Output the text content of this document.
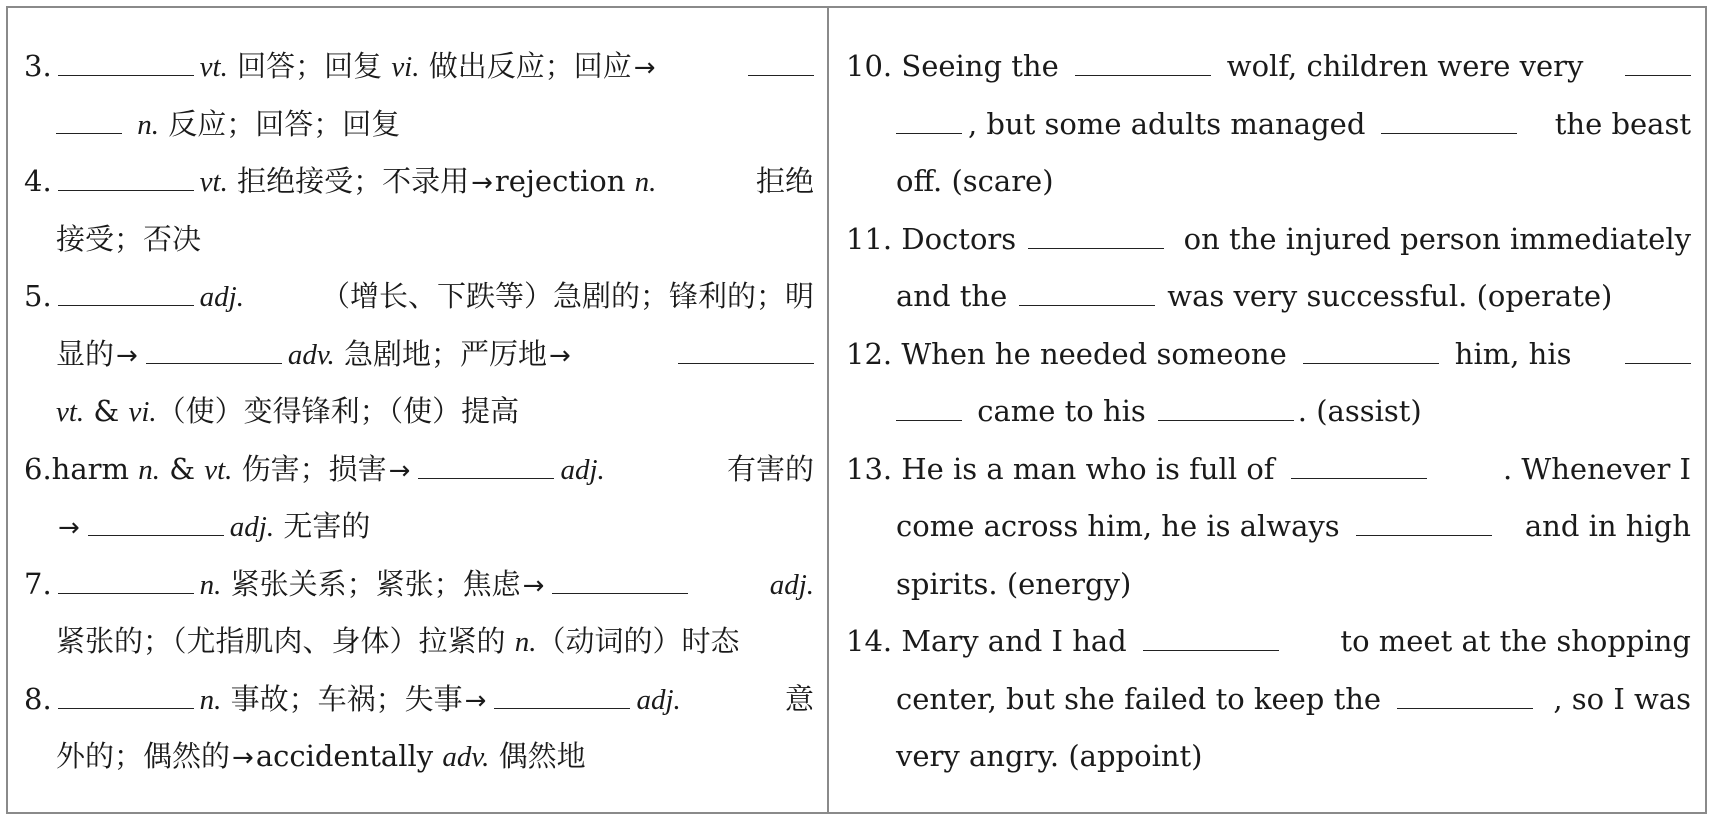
3.	vt. 回答；回复 vi. 做出反应；回应→
n. 反应；回答；回复
4.	vt. 拒绝接受；不录用→rejection n.	拒绝
接受；否决
5.	adj.	（增长、下跌等）急剧的；锋利的；明
显的→	adv. 急剧地；严厉地→
vt. & vi.（使）变得锋利；（使）提高
6.harm n. & vt. 伤害；损害→	adj.	有害的
→	adj. 无害的
7.	n. 紧张关系；紧张；焦虑→	adj.
紧张的；（尤指肌肉、身体）拉紧的 n.（动词的）时态
8.	n. 事故；车祸；失事→	adj.	意
外的；偶然的→accidentally adv. 偶然地
10. Seeing the	wolf, children were very
, but some adults managed	the beast
off. (scare)
11. Doctors	on the injured person immediately
and the	was very successful. (operate)
12. When he needed someone	him, his
came to his	. (assist)
13. He is a man who is full of	. Whenever I
come across him, he is always	and in high
spirits. (energy)
14. Mary and I had	to meet at the shopping
center, but she failed to keep the	, so I was
very angry. (appoint)
